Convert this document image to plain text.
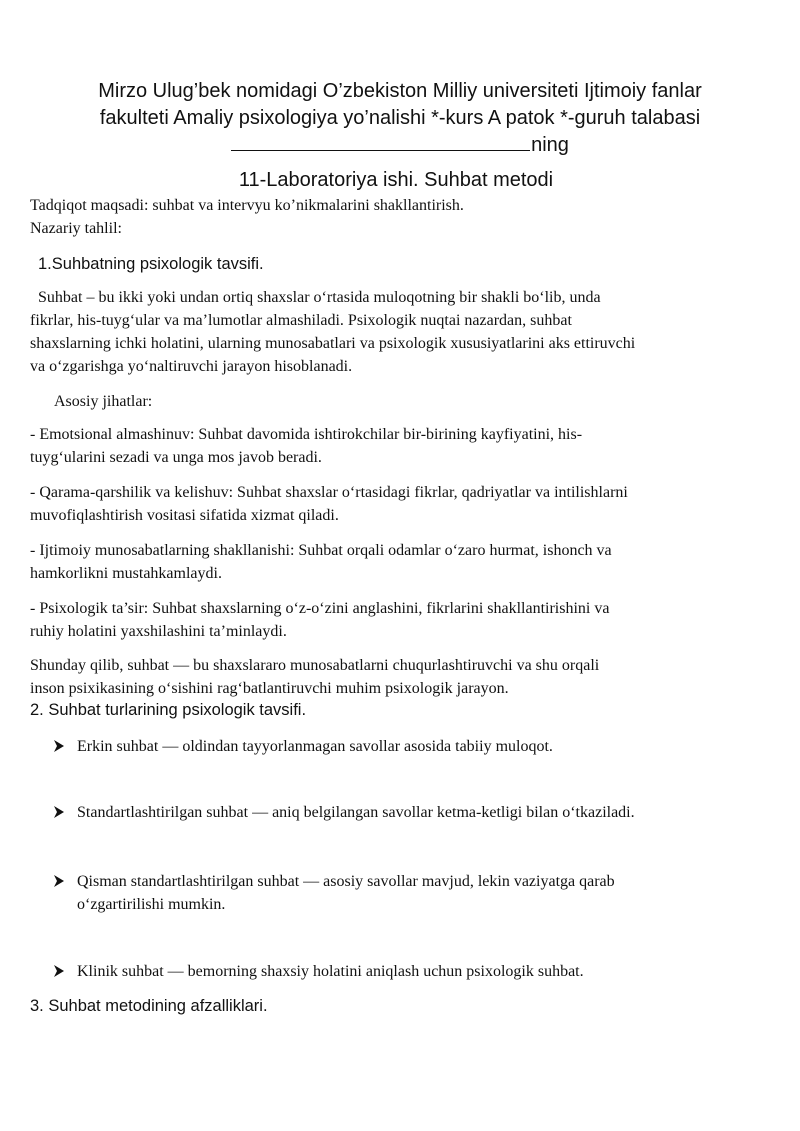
Mirzo Ulug’bek nomidagi O’zbekiston Milliy universiteti Ijtimoiy fanlar
fakulteti Amaliy psixologiya yo’nalishi *-kurs A patok *-guruh talabasi
ning
11-Laboratoriya ishi. Suhbat metodi
Tadqiqot maqsadi: suhbat va intervyu ko’nikmalarini shakllantirish.
Nazariy tahlil:
1.Suhbatning psixologik tavsifi.
Suhbat – bu ikki yoki undan ortiq shaxslar o‘rtasida muloqotning bir shakli bo‘lib, unda
fikrlar, his-tuyg‘ular va ma’lumotlar almashiladi. Psixologik nuqtai nazardan, suhbat
shaxslarning ichki holatini, ularning munosabatlari va psixologik xususiyatlarini aks ettiruvchi
va o‘zgarishga yo‘naltiruvchi jarayon hisoblanadi.
Asosiy jihatlar:
- Emotsional almashinuv: Suhbat davomida ishtirokchilar bir-birining kayfiyatini, his-
tuyg‘ularini sezadi va unga mos javob beradi.
- Qarama-qarshilik va kelishuv: Suhbat shaxslar o‘rtasidagi fikrlar, qadriyatlar va intilishlarni
muvofiqlashtirish vositasi sifatida xizmat qiladi.
- Ijtimoiy munosabatlarning shakllanishi: Suhbat orqali odamlar o‘zaro hurmat, ishonch va
hamkorlikni mustahkamlaydi.
- Psixologik ta’sir: Suhbat shaxslarning o‘z-o‘zini anglashini, fikrlarini shakllantirishini va
ruhiy holatini yaxshilashini ta’minlaydi.
Shunday qilib, suhbat — bu shaxslararo munosabatlarni chuqurlashtiruvchi va shu orqali
inson psixikasining o‘sishini rag‘batlantiruvchi muhim psixologik jarayon.
2. Suhbat turlarining psixologik tavsifi.
Erkin suhbat — oldindan tayyorlanmagan savollar asosida tabiiy muloqot.
Standartlashtirilgan suhbat — aniq belgilangan savollar ketma-ketligi bilan o‘tkaziladi.
Qisman standartlashtirilgan suhbat — asosiy savollar mavjud, lekin vaziyatga qarab
o‘zgartirilishi mumkin.
Klinik suhbat — bemorning shaxsiy holatini aniqlash uchun psixologik suhbat.
3. Suhbat metodining afzalliklari.
